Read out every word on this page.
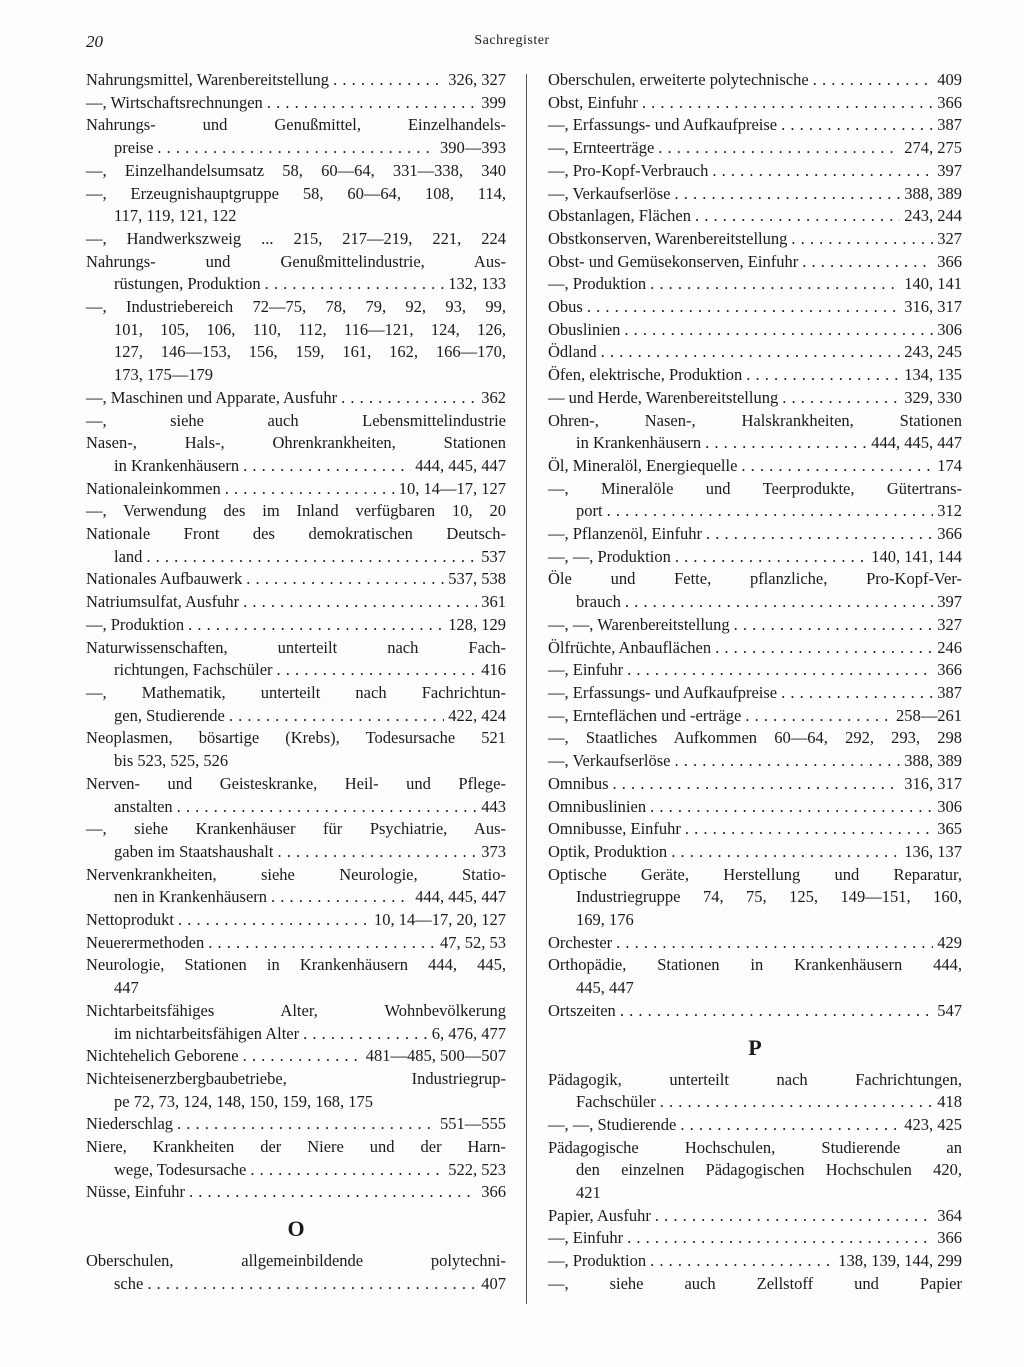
20	Sachregister
Nahrungsmittel, Warenbereitstellung . . .	326, 327
—, Wirtschaftsrechnungen . . .	399
Nahrungs- und Genußmittel, Einzelhandels-
preise . . .	390—393
—, Einzelhandelsumsatz 58, 60—64, 331—338, 340
—, Erzeugnishauptgruppe 58, 60—64, 108, 114,
117, 119, 121, 122
—, Handwerkszweig ... 215, 217—219, 221, 224
Nahrungs- und Genußmittelindustrie, Aus-
rüstungen, Produktion . . .	132, 133
—, Industriebereich 72—75, 78, 79, 92, 93, 99,
101, 105, 106, 110, 112, 116—121, 124, 126,
127, 146—153, 156, 159, 161, 162, 166—170,
173, 175—179
—, Maschinen und Apparate, Ausfuhr . . .	362
—, siehe auch Lebensmittelindustrie
Nasen-, Hals-, Ohrenkrankheiten, Stationen
in Krankenhäusern . . .	444, 445, 447
Nationaleinkommen . . .	10, 14—17, 127
—, Verwendung des im Inland verfügbaren 10, 20
Nationale Front des demokratischen Deutsch-
land . . .	537
Nationales Aufbauwerk . . .	537, 538
Natriumsulfat, Ausfuhr . . .	361
—, Produktion . . .	128, 129
Naturwissenschaften, unterteilt nach Fach-
richtungen, Fachschüler . . .	416
—, Mathematik, unterteilt nach Fachrichtun-
gen, Studierende . . .	422, 424
Neoplasmen, bösartige (Krebs), Todesursache 521
bis 523, 525, 526
Nerven- und Geisteskranke, Heil- und Pflege-
anstalten . . .	443
—, siehe Krankenhäuser für Psychiatrie, Aus-
gaben im Staatshaushalt . . .	373
Nervenkrankheiten, siehe Neurologie, Statio-
nen in Krankenhäusern . . .	444, 445, 447
Nettoprodukt . . .	10, 14—17, 20, 127
Neuerermethoden . . .	47, 52, 53
Neurologie, Stationen in Krankenhäusern 444, 445,
447
Nichtarbeitsfähiges Alter, Wohnbevölkerung
im nichtarbeitsfähigen Alter . . .	6, 476, 477
Nichtehelich Geborene . . .	481—485, 500—507
Nichteisenerzbergbaubetriebe, Industriegrup-
pe 72, 73, 124, 148, 150, 159, 168, 175
Niederschlag . . .	551—555
Niere, Krankheiten der Niere und der Harn-
wege, Todesursache . . .	522, 523
Nüsse, Einfuhr . . .	366
O
Oberschulen, allgemeinbildende polytechni-
sche . . .	407
Oberschulen, erweiterte polytechnische . . .	409
Obst, Einfuhr . . .	366
—, Erfassungs- und Aufkaufpreise . . .	387
—, Ernteerträge . . .	274, 275
—, Pro-Kopf-Verbrauch . . .	397
—, Verkaufserlöse . . .	388, 389
Obstanlagen, Flächen . . .	243, 244
Obstkonserven, Warenbereitstellung . . .	327
Obst- und Gemüsekonserven, Einfuhr . . .	366
—, Produktion . . .	140, 141
Obus . . .	316, 317
Obuslinien . . .	306
Ödland . . .	243, 245
Öfen, elektrische, Produktion . . .	134, 135
— und Herde, Warenbereitstellung . . .	329, 330
Ohren-, Nasen-, Halskrankheiten, Stationen
in Krankenhäusern . . .	444, 445, 447
Öl, Mineralöl, Energiequelle . . .	174
—, Mineralöle und Teerprodukte, Gütertrans-
port . . .	312
—, Pflanzenöl, Einfuhr . . .	366
—, —, Produktion . . .	140, 141, 144
Öle und Fette, pflanzliche, Pro-Kopf-Ver-
brauch . . .	397
—, —, Warenbereitstellung . . .	327
Ölfrüchte, Anbauflächen . . .	246
—, Einfuhr . . .	366
—, Erfassungs- und Aufkaufpreise . . .	387
—, Ernteflächen und -erträge . . .	258—261
—, Staatliches Aufkommen 60—64, 292, 293, 298
—, Verkaufserlöse . . .	388, 389
Omnibus . . .	316, 317
Omnibuslinien . . .	306
Omnibusse, Einfuhr . . .	365
Optik, Produktion . . .	136, 137
Optische Geräte, Herstellung und Reparatur,
Industriegruppe 74, 75, 125, 149—151, 160,
169, 176
Orchester . . .	429
Orthopädie, Stationen in Krankenhäusern 444,
445, 447
Ortszeiten . . .	547
P
Pädagogik, unterteilt nach Fachrichtungen,
Fachschüler . . .	418
—, —, Studierende . . .	423, 425
Pädagogische Hochschulen, Studierende an
den einzelnen Pädagogischen Hochschulen 420,
421
Papier, Ausfuhr . . .	364
—, Einfuhr . . .	366
—, Produktion . . .	138, 139, 144, 299
—, siehe auch Zellstoff und Papier
